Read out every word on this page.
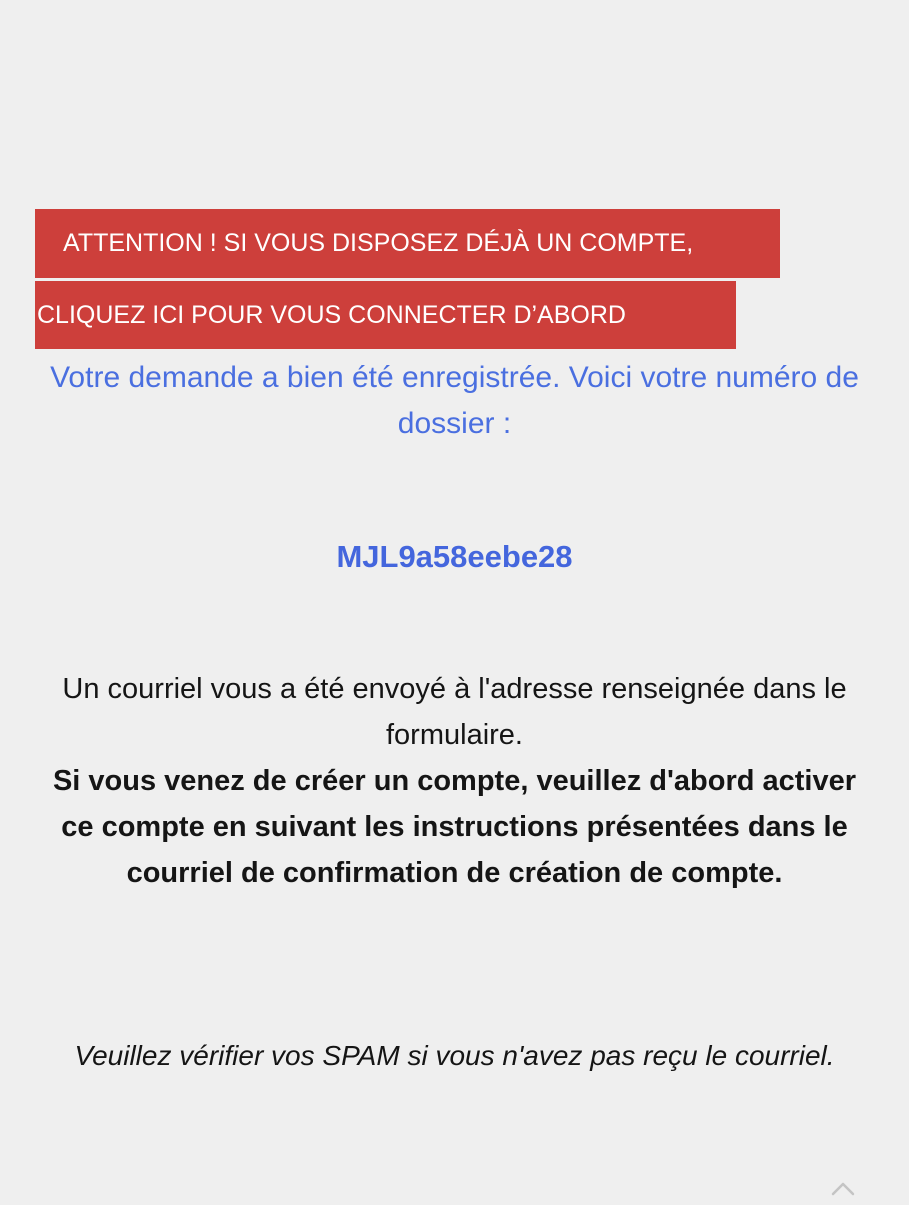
ATTENTION ! SI VOUS DISPOSEZ DÉJÀ UN COMPTE,
CLIQUEZ ICI POUR VOUS CONNECTER D’ABORD

Votre demande a bien été enregistrée. Voici votre numéro de dossier :

MJL9a58eebe28

Un courriel vous a été envoyé à l'adresse renseignée dans le formulaire.
Si vous venez de créer un compte, veuillez d'abord activer ce compte en suivant les instructions présentées dans le courriel de confirmation de création de compte.

Veuillez vérifier vos SPAM si vous n'avez pas reçu le courriel.
